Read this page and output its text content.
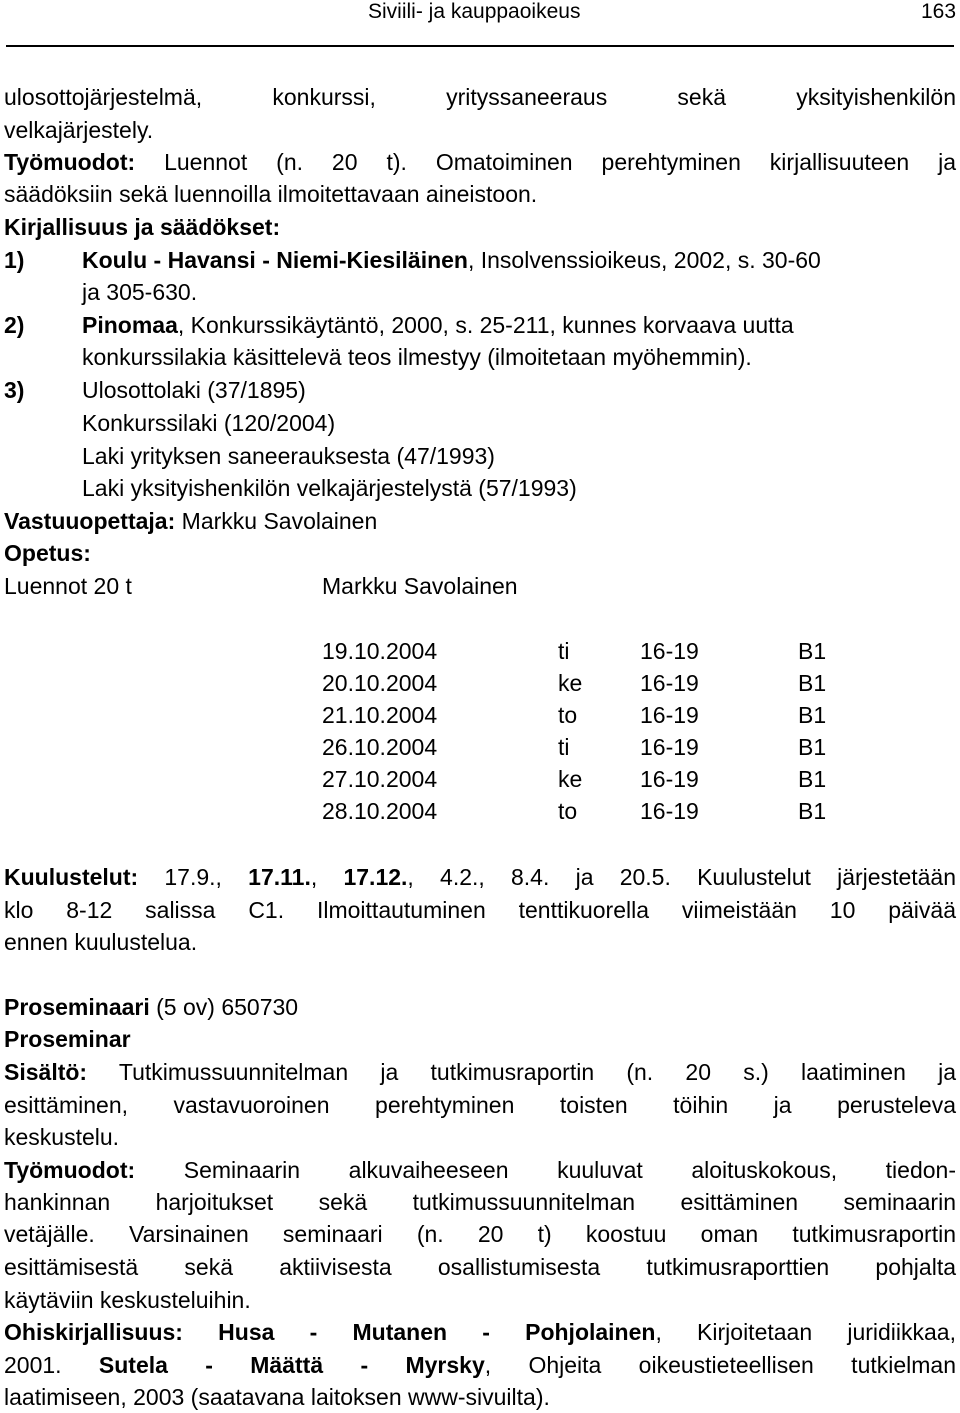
Siviili- ja kauppaoikeus	163
ulosottojärjestelmä, konkurssi, yrityssaneeraus sekä yksityishenkilön
velkajärjestely.
Työmuodot: Luennot (n. 20 t). Omatoiminen perehtyminen kirjallisuuteen ja
säädöksiin sekä luennoilla ilmoitettavaan aineistoon.
Kirjallisuus ja säädökset:
1)	Koulu - Havansi - Niemi-Kiesiläinen, Insolvenssioikeus, 2002, s. 30-60
ja 305-630.
2)	Pinomaa, Konkurssikäytäntö, 2000, s. 25-211, kunnes korvaava uutta
konkurssilakia käsittelevä teos ilmestyy (ilmoitetaan myöhemmin).
3)	Ulosottolaki (37/1895)
Konkurssilaki (120/2004)
Laki yrityksen saneerauksesta (47/1993)
Laki yksityishenkilön velkajärjestelystä (57/1993)
Vastuuopettaja: Markku Savolainen
Opetus:
Luennot 20 t	Markku Savolainen
19.10.2004	ti	16-19	B1
20.10.2004	ke	16-19	B1
21.10.2004	to	16-19	B1
26.10.2004	ti	16-19	B1
27.10.2004	ke	16-19	B1
28.10.2004	to	16-19	B1
Kuulustelut: 17.9., 17.11., 17.12., 4.2., 8.4. ja 20.5. Kuulustelut järjestetään
klo 8-12 salissa C1. Ilmoittautuminen tenttikuorella viimeistään 10 päivää
ennen kuulustelua.
Proseminaari (5 ov) 650730
Proseminar
Sisältö: Tutkimussuunnitelman ja tutkimusraportin (n. 20 s.) laatiminen ja
esittäminen, vastavuoroinen perehtyminen toisten töihin ja perusteleva
keskustelu.
Työmuodot: Seminaarin alkuvaiheeseen kuuluvat aloituskokous, tiedon-
hankinnan harjoitukset sekä tutkimussuunnitelman esittäminen seminaarin
vetäjälle. Varsinainen seminaari (n. 20 t) koostuu oman tutkimusraportin
esittämisestä sekä aktiivisesta osallistumisesta tutkimusraporttien pohjalta
käytäviin keskusteluihin.
Ohiskirjallisuus: Husa - Mutanen - Pohjolainen, Kirjoitetaan juridiikkaa,
2001. Sutela - Määttä - Myrsky, Ohjeita oikeustieteellisen tutkielman
laatimiseen, 2003 (saatavana laitoksen www-sivuilta).
